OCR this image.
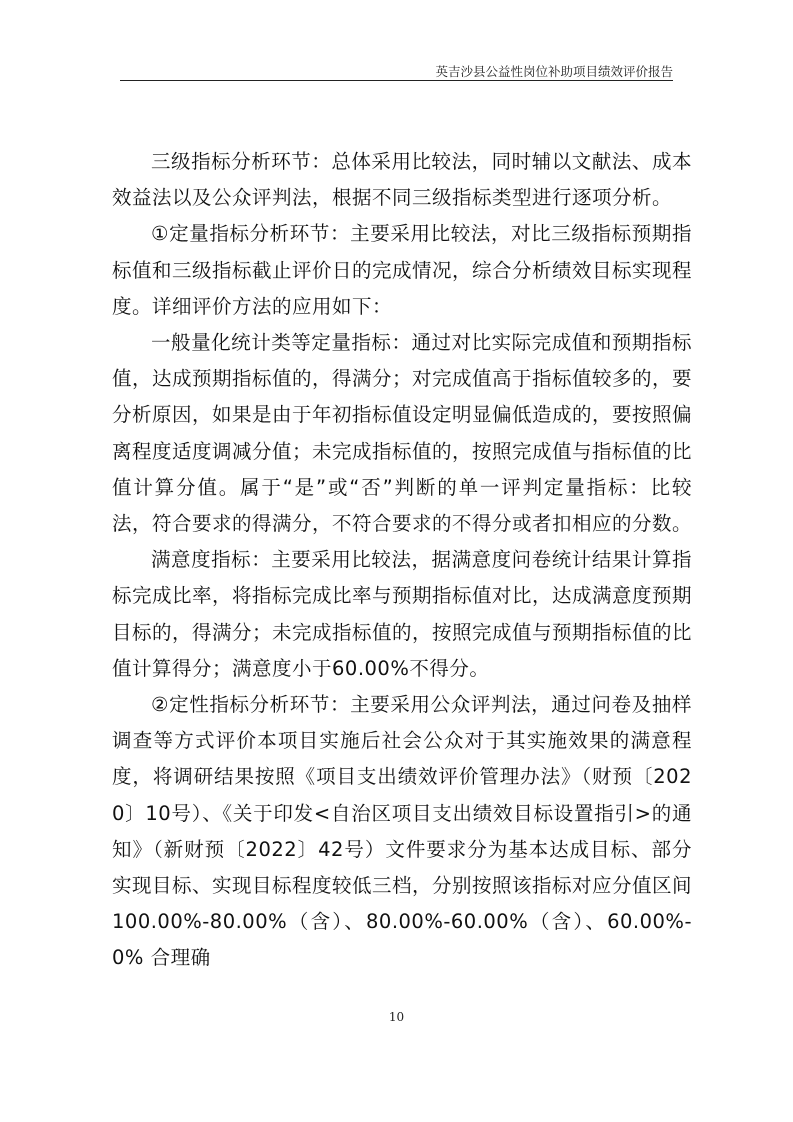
英吉沙县公益性岗位补助项目绩效评价报告

三级指标分析环节：总体采用比较法，同时辅以文献法、成本效益法以及公众评判法，根据不同三级指标类型进行逐项分析。

①定量指标分析环节：主要采用比较法，对比三级指标预期指标值和三级指标截止评价日的完成情况，综合分析绩效目标实现程度。详细评价方法的应用如下：

一般量化统计类等定量指标：通过对比实际完成值和预期指标值，达成预期指标值的，得满分；对完成值高于指标值较多的，要分析原因，如果是由于年初指标值设定明显偏低造成的，要按照偏离程度适度调减分值；未完成指标值的，按照完成值与指标值的比值计算分值。属于“是”或“否”判断的单一评判定量指标：比较法，符合要求的得满分，不符合要求的不得分或者扣相应的分数。

满意度指标：主要采用比较法，据满意度问卷统计结果计算指标完成比率，将指标完成比率与预期指标值对比，达成满意度预期目标的，得满分；未完成指标值的，按照完成值与预期指标值的比值计算得分；满意度小于60.00%不得分。

②定性指标分析环节：主要采用公众评判法，通过问卷及抽样调查等方式评价本项目实施后社会公众对于其实施效果的满意程度，将调研结果按照《项目支出绩效评价管理办法》（财预〔2020〕10号）、《关于印发<自治区项目支出绩效目标设置指引>的通知》（新财预〔2022〕42号）文件要求分为基本达成目标、部分实现目标、实现目标程度较低三档，分别按照该指标对应分值区间100.00%-80.00%（含）、80.00%-60.00%（含）、60.00%-0% 合理确

10
